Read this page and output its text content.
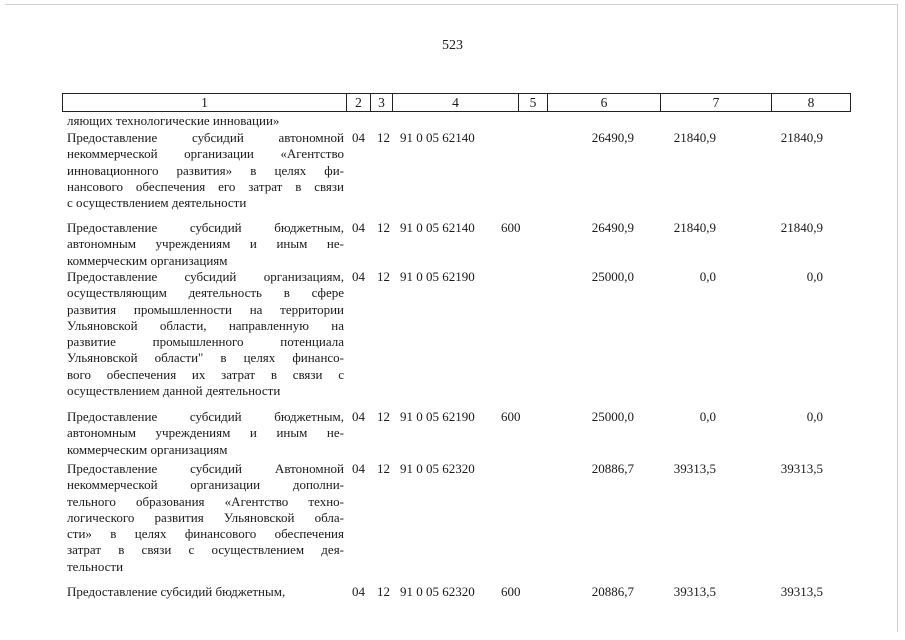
523
1	2	3	4	5	6	7	8
ляющих технологические инновации»
Предоставление субсидий автономной
некоммерческой организации «Агентство
инновационного развития» в целях фи-
нансового обеспечения его затрат в связи
с осуществлением деятельности
04 12 91 0 05 62140	26490,9	21840,9	21840,9
Предоставление субсидий бюджетным,
автономным учреждениям и иным не-
коммерческим организациям
04 12 91 0 05 62140 600	26490,9	21840,9	21840,9
Предоставление субсидий организациям,
осуществляющим деятельность в сфере
развития промышленности на территории
Ульяновской области, направленную на
развитие промышленного потенциала
Ульяновской области" в целях финансо-
вого обеспечения их затрат в связи с
осуществлением данной деятельности
04 12 91 0 05 62190	25000,0	0,0	0,0
Предоставление субсидий бюджетным,
автономным учреждениям и иным не-
коммерческим организациям
04 12 91 0 05 62190 600	25000,0	0,0	0,0
Предоставление субсидий Автономной
некоммерческой организации дополни-
тельного образования «Агентство техно-
логического развития Ульяновской обла-
сти» в целях финансового обеспечения
затрат в связи с осуществлением дея-
тельности
04 12 91 0 05 62320	20886,7	39313,5	39313,5
Предоставление субсидий бюджетным,	04 12 91 0 05 62320 600	20886,7	39313,5	39313,5
